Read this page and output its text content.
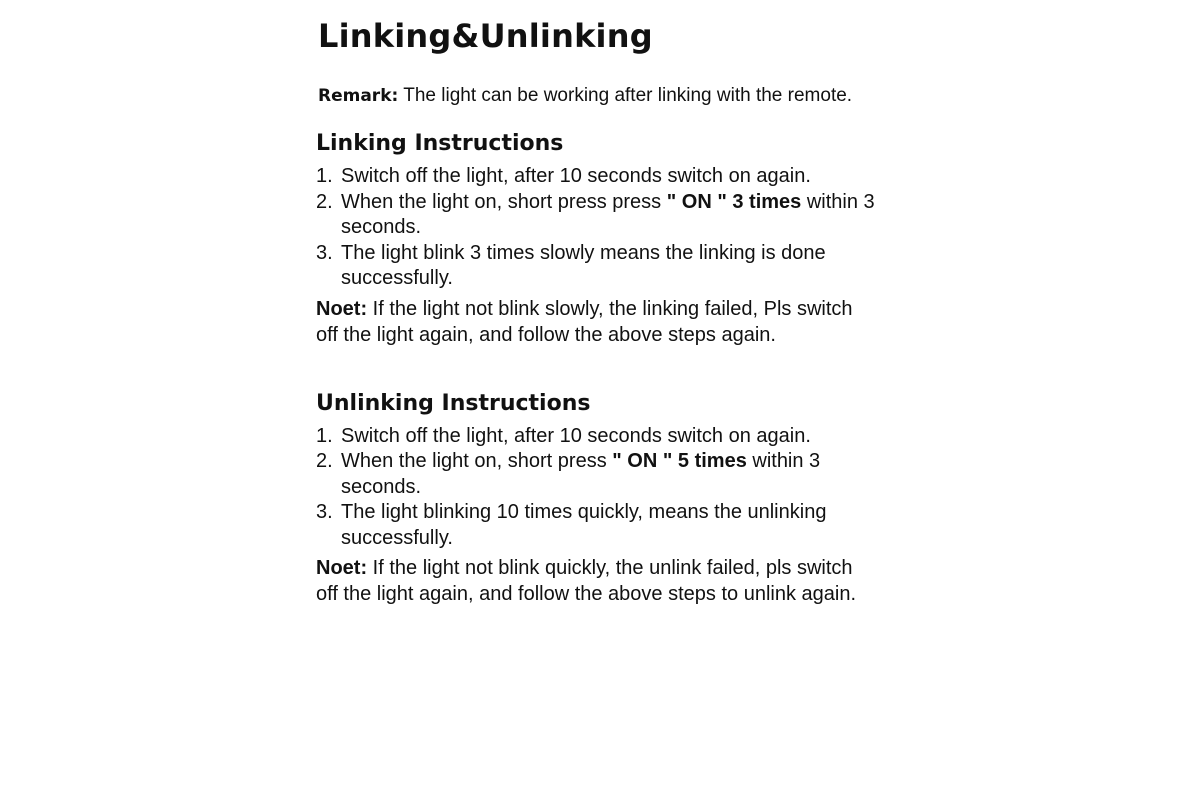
Linking&Unlinking

Remark: The light can be working after linking with the remote.

Linking Instructions
1. Switch off the light, after 10 seconds switch on again.
2. When the light on, short press press " ON " 3 times within 3 seconds.
3. The light blink 3 times slowly means the linking is done successfully.

Noet: If the light not blink slowly, the linking failed, Pls switch off the light again, and follow the above steps again.

Unlinking Instructions
1. Switch off the light, after 10 seconds switch on again.
2. When the light on, short press " ON " 5 times within 3 seconds.
3. The light blinking 10 times quickly, means the unlinking successfully.

Noet: If the light not blink quickly, the unlink failed, pls switch off the light again, and follow the above steps to unlink again.
